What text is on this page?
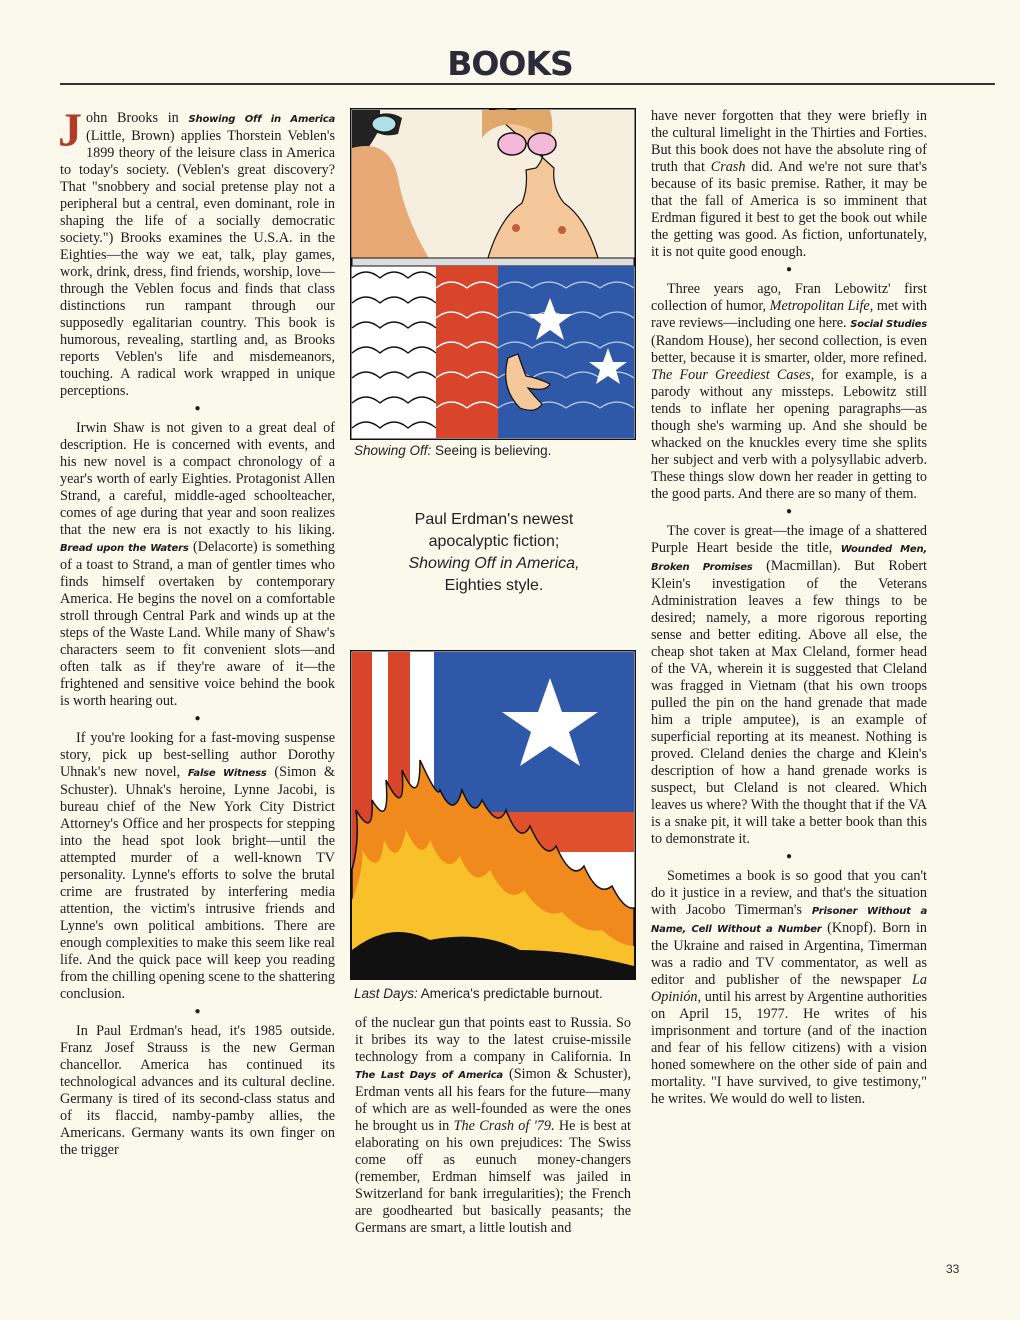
BOOKS

John Brooks in Showing Off in America (Little, Brown) applies Thorstein Veblen's 1899 theory of the leisure class in America to today's society. (Veblen's great discovery? That "snobbery and social pretense play not a peripheral but a central, even dominant, role in shaping the life of a socially democratic society.") Brooks examines the U.S.A. in the Eighties—the way we eat, talk, play games, work, drink, dress, find friends, worship, love—through the Veblen focus and finds that class distinctions run rampant through our supposedly egalitarian country. This book is humorous, revealing, startling and, as Brooks reports Veblen's life and misdemeanors, touching. A radical work wrapped in unique perceptions.

●

Irwin Shaw is not given to a great deal of description. He is concerned with events, and his new novel is a compact chronology of a year's worth of early Eighties. Protagonist Allen Strand, a careful, middle-aged schoolteacher, comes of age during that year and soon realizes that the new era is not exactly to his liking. Bread upon the Waters (Delacorte) is something of a toast to Strand, a man of gentler times who finds himself overtaken by contemporary America. He begins the novel on a comfortable stroll through Central Park and winds up at the steps of the Waste Land. While many of Shaw's characters seem to fit convenient slots—and often talk as if they're aware of it—the frightened and sensitive voice behind the book is worth hearing out.

●

If you're looking for a fast-moving suspense story, pick up best-selling author Dorothy Uhnak's new novel, False Witness (Simon & Schuster). Uhnak's heroine, Lynne Jacobi, is bureau chief of the New York City District Attorney's Office and her prospects for stepping into the head spot look bright—until the attempted murder of a well-known TV personality. Lynne's efforts to solve the brutal crime are frustrated by interfering media attention, the victim's intrusive friends and Lynne's own political ambitions. There are enough complexities to make this seem like real life. And the quick pace will keep you reading from the chilling opening scene to the shattering conclusion.

●

In Paul Erdman's head, it's 1985 outside. Franz Josef Strauss is the new German chancellor. America has continued its technological advances and its cultural decline. Germany is tired of its second-class status and of its flaccid, namby-pamby allies, the Americans. Germany wants its own finger on the trigger

Showing Off: Seeing is believing.
Paul Erdman's newest
apocalyptic fiction;
Showing Off in America,
Eighties style.
Last Days: America's predictable burnout.

of the nuclear gun that points east to Russia. So it bribes its way to the latest cruise-missile technology from a company in California. In The Last Days of America (Simon & Schuster), Erdman vents all his fears for the future—many of which are as well-founded as were the ones he brought us in The Crash of '79. He is best at elaborating on his own prejudices: The Swiss come off as eunuch money-changers (remember, Erdman himself was jailed in Switzerland for bank irregularities); the French are goodhearted but basically peasants; the Germans are smart, a little loutish and

have never forgotten that they were briefly in the cultural limelight in the Thirties and Forties. But this book does not have the absolute ring of truth that Crash did. And we're not sure that's because of its basic premise. Rather, it may be that the fall of America is so imminent that Erdman figured it best to get the book out while the getting was good. As fiction, unfortunately, it is not quite good enough.

●

Three years ago, Fran Lebowitz' first collection of humor, Metropolitan Life, met with rave reviews—including one here. Social Studies (Random House), her second collection, is even better, because it is smarter, older, more refined. The Four Greediest Cases, for example, is a parody without any missteps. Lebowitz still tends to inflate her opening paragraphs—as though she's warming up. And she should be whacked on the knuckles every time she splits her subject and verb with a polysyllabic adverb. These things slow down her reader in getting to the good parts. And there are so many of them.

●

The cover is great—the image of a shattered Purple Heart beside the title, Wounded Men, Broken Promises (Macmillan). But Robert Klein's investigation of the Veterans Administration leaves a few things to be desired; namely, a more rigorous reporting sense and better editing. Above all else, the cheap shot taken at Max Cleland, former head of the VA, wherein it is suggested that Cleland was fragged in Vietnam (that his own troops pulled the pin on the hand grenade that made him a triple amputee), is an example of superficial reporting at its meanest. Nothing is proved. Cleland denies the charge and Klein's description of how a hand grenade works is suspect, but Cleland is not cleared. Which leaves us where? With the thought that if the VA is a snake pit, it will take a better book than this to demonstrate it.

●

Sometimes a book is so good that you can't do it justice in a review, and that's the situation with Jacobo Timerman's Prisoner Without a Name, Cell Without a Number (Knopf). Born in the Ukraine and raised in Argentina, Timerman was a radio and TV commentator, as well as editor and publisher of the newspaper La Opinión, until his arrest by Argentine authorities on April 15, 1977. He writes of his imprisonment and torture (and of the inaction and fear of his fellow citizens) with a vision honed somewhere on the other side of pain and mortality. "I have survived, to give testimony," he writes. We would do well to listen.

33
